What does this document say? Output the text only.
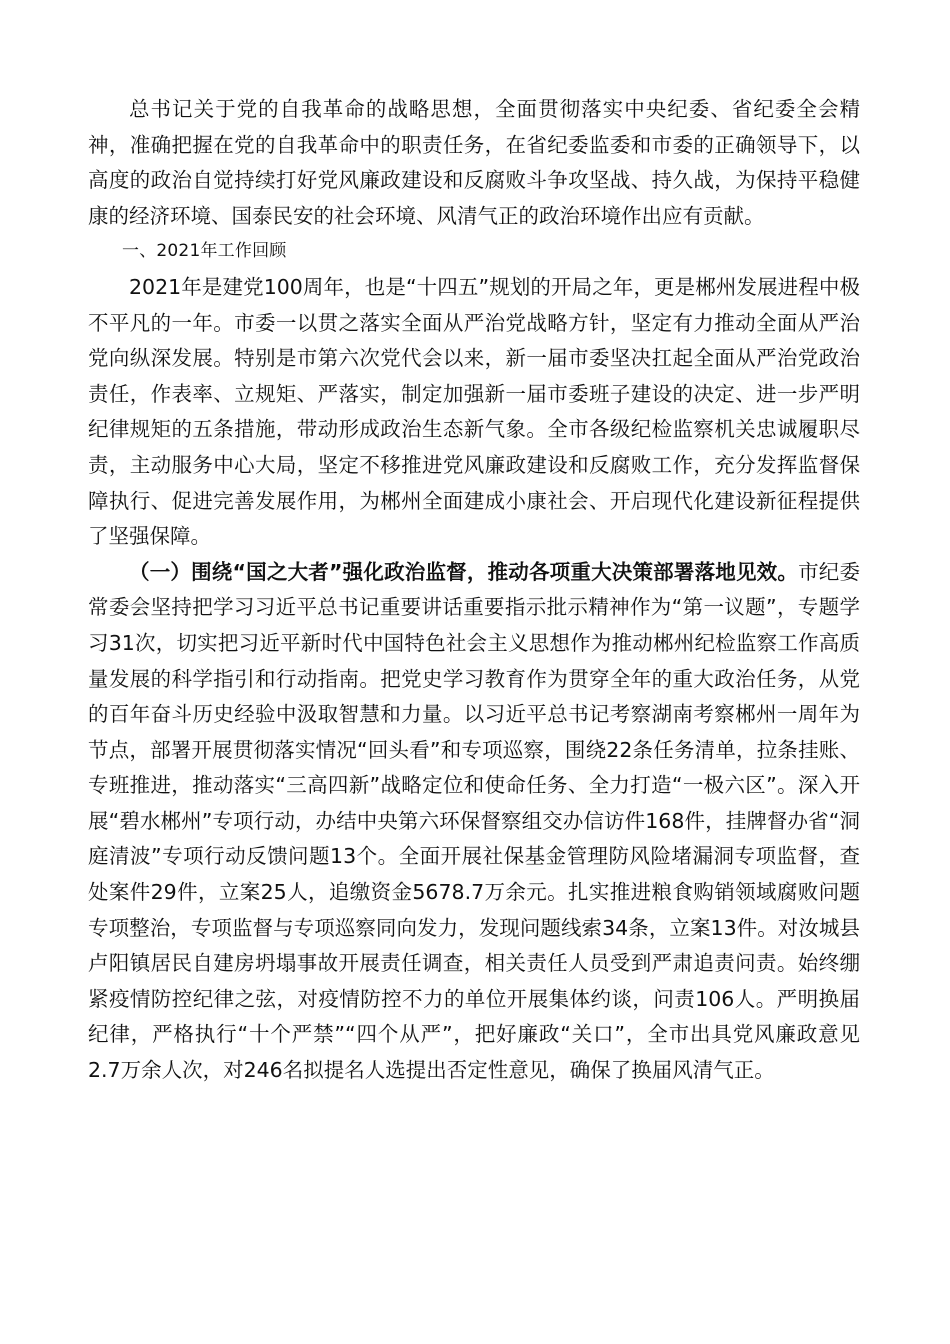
总书记关于党的自我革命的战略思想，全面贯彻落实中央纪委、省纪委全会精神，准确把握在党的自我革命中的职责任务，在省纪委监委和市委的正确领导下，以高度的政治自觉持续打好党风廉政建设和反腐败斗争攻坚战、持久战，为保持平稳健康的经济环境、国泰民安的社会环境、风清气正的政治环境作出应有贡献。

一、2021年工作回顾

2021年是建党100周年，也是“十四五”规划的开局之年，更是郴州发展进程中极不平凡的一年。市委一以贯之落实全面从严治党战略方针，坚定有力推动全面从严治党向纵深发展。特别是市第六次党代会以来，新一届市委坚决扛起全面从严治党政治责任，作表率、立规矩、严落实，制定加强新一届市委班子建设的决定、进一步严明纪律规矩的五条措施，带动形成政治生态新气象。全市各级纪检监察机关忠诚履职尽责，主动服务中心大局，坚定不移推进党风廉政建设和反腐败工作，充分发挥监督保障执行、促进完善发展作用，为郴州全面建成小康社会、开启现代化建设新征程提供了坚强保障。

（一）围绕“国之大者”强化政治监督，推动各项重大决策部署落地见效。市纪委常委会坚持把学习习近平总书记重要讲话重要指示批示精神作为“第一议题”，专题学习31次，切实把习近平新时代中国特色社会主义思想作为推动郴州纪检监察工作高质量发展的科学指引和行动指南。把党史学习教育作为贯穿全年的重大政治任务，从党的百年奋斗历史经验中汲取智慧和力量。以习近平总书记考察湖南考察郴州一周年为节点，部署开展贯彻落实情况“回头看”和专项巡察，围绕22条任务清单，拉条挂账、专班推进，推动落实“三高四新”战略定位和使命任务、全力打造“一极六区”。深入开展“碧水郴州”专项行动，办结中央第六环保督察组交办信访件168件，挂牌督办省“洞庭清波”专项行动反馈问题13个。全面开展社保基金管理防风险堵漏洞专项监督，查处案件29件，立案25人，追缴资金5678.7万余元。扎实推进粮食购销领域腐败问题专项整治，专项监督与专项巡察同向发力，发现问题线索34条，立案13件。对汝城县卢阳镇居民自建房坍塌事故开展责任调查，相关责任人员受到严肃追责问责。始终绷紧疫情防控纪律之弦，对疫情防控不力的单位开展集体约谈，问责106人。严明换届纪律，严格执行“十个严禁”“四个从严”，把好廉政“关口”，全市出具党风廉政意见2.7万余人次，对246名拟提名人选提出否定性意见，确保了换届风清气正。
